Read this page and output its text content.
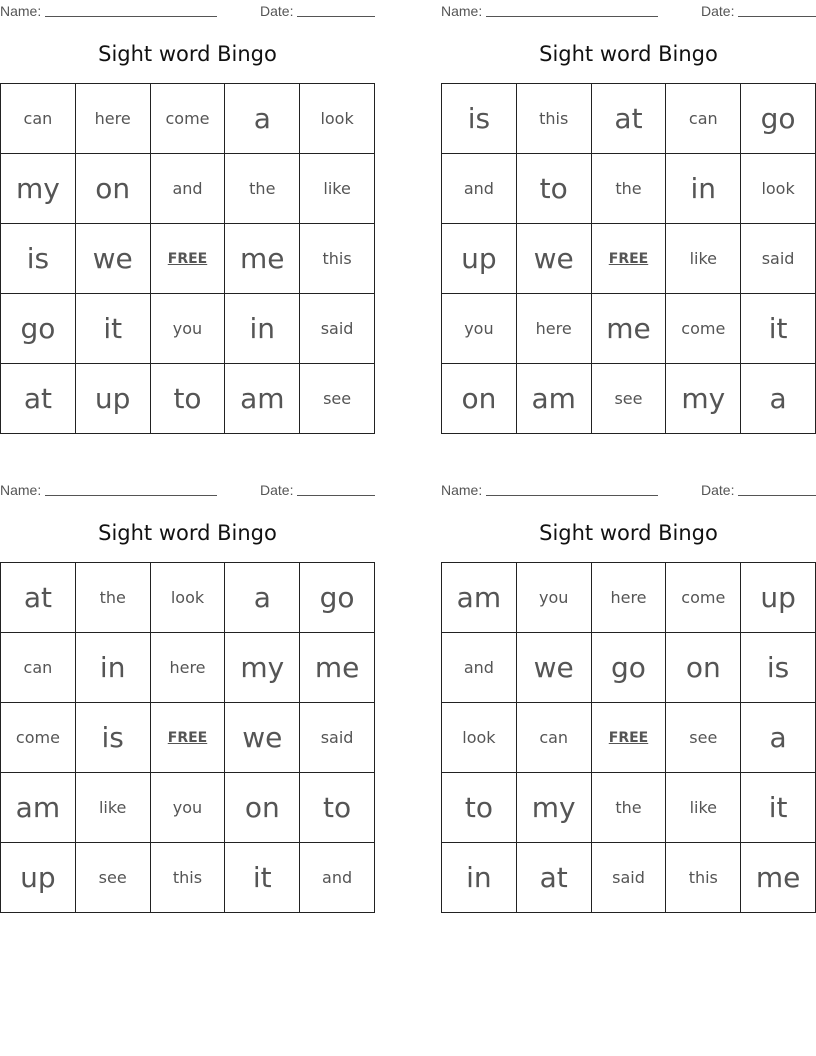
Name:	Date:
Sight word Bingo
can	here	come	a	look
my	on	and	the	like
is	we	FREE	me	this
go	it	you	in	said
at	up	to	am	see
Name:	Date:
Sight word Bingo
is	this	at	can	go
and	to	the	in	look
up	we	FREE	like	said
you	here	me	come	it
on	am	see	my	a
Name:	Date:
Sight word Bingo
at	the	look	a	go
can	in	here	my	me
come	is	FREE	we	said
am	like	you	on	to
up	see	this	it	and
Name:	Date:
Sight word Bingo
am	you	here	come	up
and	we	go	on	is
look	can	FREE	see	a
to	my	the	like	it
in	at	said	this	me
